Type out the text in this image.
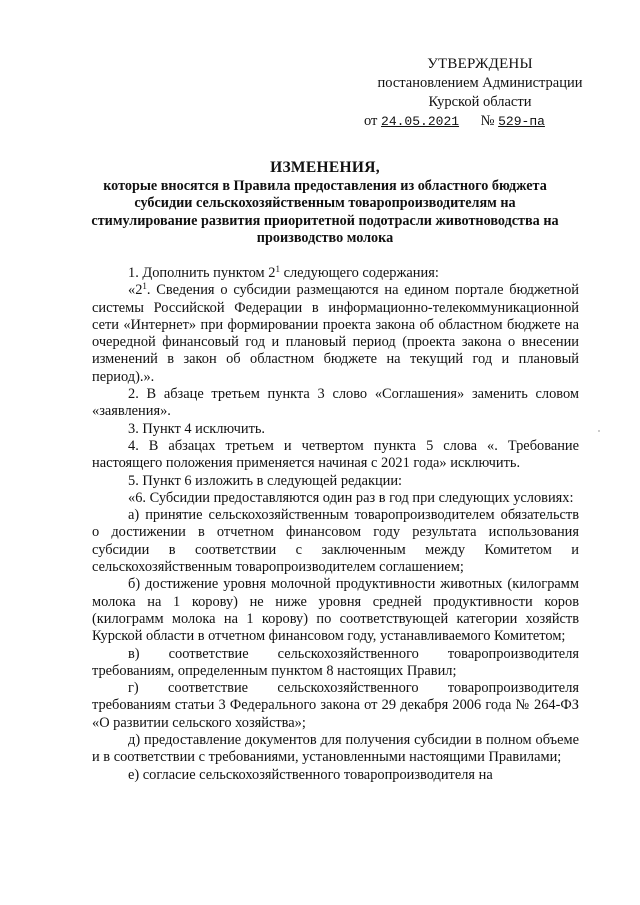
УТВЕРЖДЕНЫ
постановлением Администрации
Курской области
от 24.05.2021 № 529-па
ИЗМЕНЕНИЯ,
которые вносятся в Правила предоставления из областного бюджета субсидии сельскохозяйственным товаропроизводителям на стимулирование развития приоритетной подотрасли животноводства на производство молока

1. Дополнить пунктом $2^1$ следующего содержания:

«$2^1$. Сведения о субсидии размещаются на едином портале бюджетной системы Российской Федерации в информационно-телекоммуникационной сети «Интернет» при формировании проекта закона об областном бюджете на очередной финансовый год и плановый период (проекта закона о внесении изменений в закон об областном бюджете на текущий год и плановый период).».

2. В абзаце третьем пункта 3 слово «Соглашения» заменить словом «заявления».

3. Пункт 4 исключить.

4. В абзацах третьем и четвертом пункта 5 слова «. Требование настоящего положения применяется начиная с 2021 года» исключить.

5. Пункт 6 изложить в следующей редакции:

«6. Субсидии предоставляются один раз в год при следующих условиях:

а) принятие сельскохозяйственным товаропроизводителем обязательств о достижении в отчетном финансовом году результата использования субсидии в соответствии с заключенным между Комитетом и сельскохозяйственным товаропроизводителем соглашением;

б) достижение уровня молочной продуктивности животных (килограмм молока на 1 корову) не ниже уровня средней продуктивности коров (килограмм молока на 1 корову) по соответствующей категории хозяйств Курской области в отчетном финансовом году, устанавливаемого Комитетом;

в) соответствие сельскохозяйственного товаропроизводителя требованиям, определенным пунктом 8 настоящих Правил;

г) соответствие сельскохозяйственного товаропроизводителя требованиям статьи 3 Федерального закона от 29 декабря 2006 года № 264-ФЗ «О развитии сельского хозяйства»;

д) предоставление документов для получения субсидии в полном объеме и в соответствии с требованиями, установленными настоящими Правилами;

е) согласие сельскохозяйственного товаропроизводителя на
